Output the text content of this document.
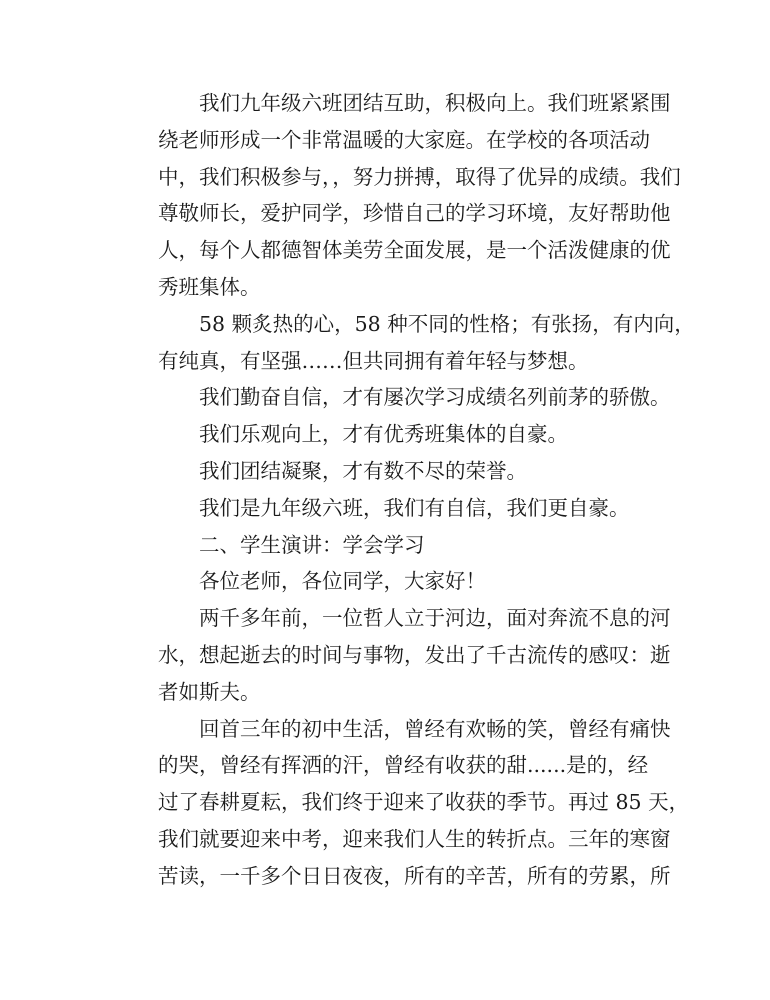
我们九年级六班团结互助，积极向上。我们班紧紧围
绕老师形成一个非常温暖的大家庭。在学校的各项活动
中，我们积极参与，，努力拼搏，取得了优异的成绩。我们
尊敬师长，爱护同学，珍惜自己的学习环境，友好帮助他
人，每个人都德智体美劳全面发展，是一个活泼健康的优
秀班集体。
58 颗炙热的心，58 种不同的性格；有张扬，有内向，
有纯真，有坚强……但共同拥有着年轻与梦想。
我们勤奋自信，才有屡次学习成绩名列前茅的骄傲。
我们乐观向上，才有优秀班集体的自豪。
我们团结凝聚，才有数不尽的荣誉。
我们是九年级六班，我们有自信，我们更自豪。
二、学生演讲：学会学习
各位老师，各位同学，大家好！
两千多年前，一位哲人立于河边，面对奔流不息的河
水，想起逝去的时间与事物，发出了千古流传的感叹：逝
者如斯夫。
回首三年的初中生活，曾经有欢畅的笑，曾经有痛快
的哭，曾经有挥洒的汗，曾经有收获的甜......是的，经
过了春耕夏耘，我们终于迎来了收获的季节。再过 85 天，
我们就要迎来中考，迎来我们人生的转折点。三年的寒窗
苦读，一千多个日日夜夜，所有的辛苦，所有的劳累，所
